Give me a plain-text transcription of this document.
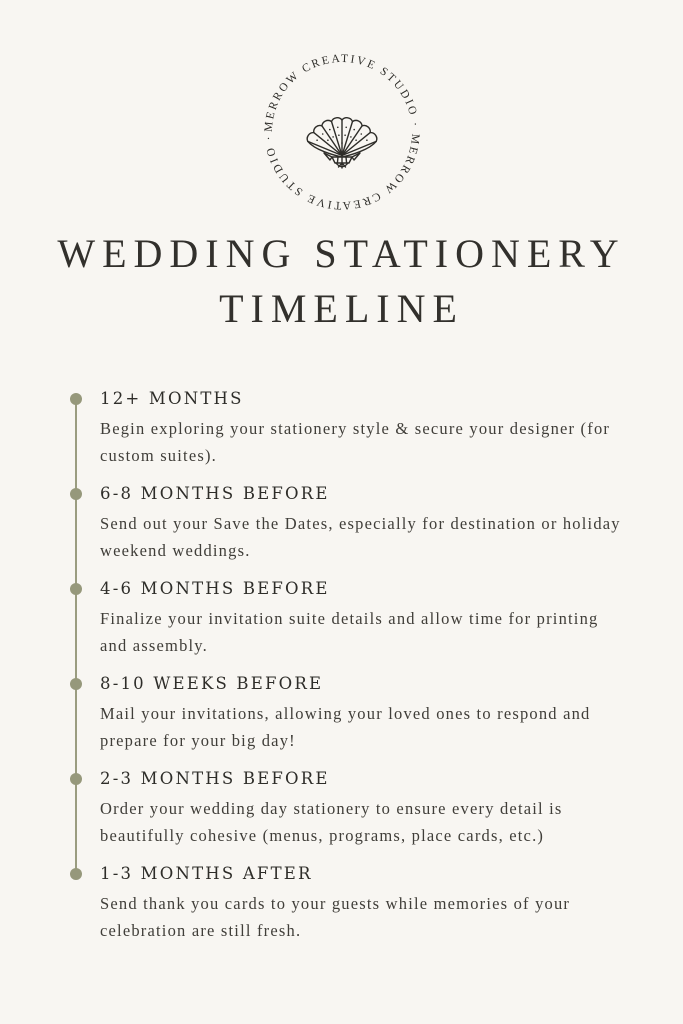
MERROW CREATIVE STUDIO · MERROW CREATIVE STUDIO ·
WEDDING STATIONERY
TIMELINE
12+ MONTHS
Begin exploring your stationery style & secure your designer (for custom suites).
6-8 MONTHS BEFORE
Send out your Save the Dates, especially for destination or holiday weekend weddings.
4-6 MONTHS BEFORE
Finalize your invitation suite details and allow time for printing and assembly.
8-10 WEEKS BEFORE
Mail your invitations, allowing your loved ones to respond and prepare for your big day!
2-3 MONTHS BEFORE
Order your wedding day stationery to ensure every detail is beautifully cohesive (menus, programs, place cards, etc.)
1-3 MONTHS AFTER
Send thank you cards to your guests while memories of your celebration are still fresh.
